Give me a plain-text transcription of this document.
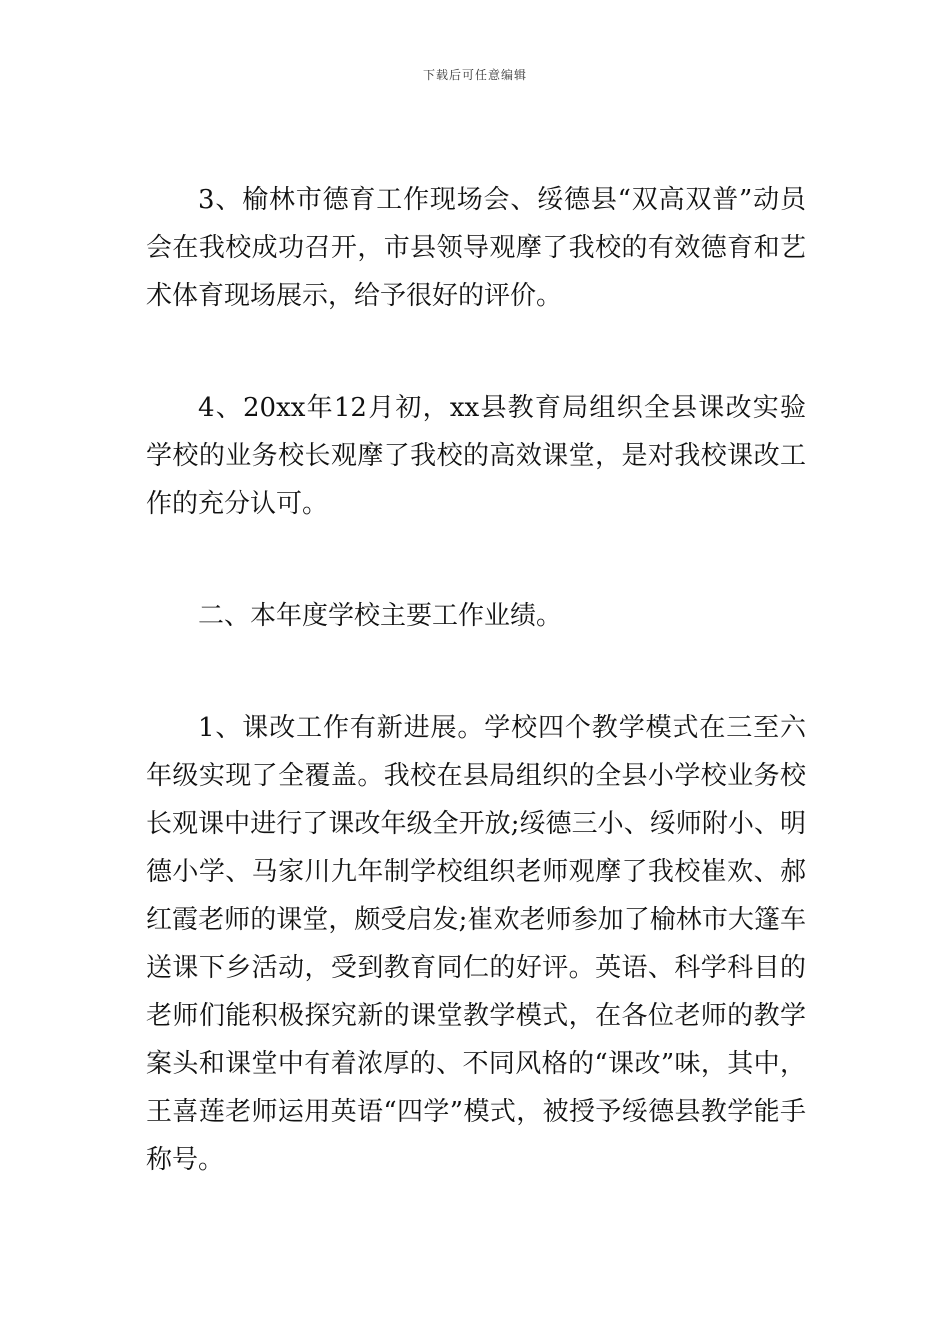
下载后可任意编辑

3、榆林市德育工作现场会、绥德县“双高双普”动员会在我校成功召开，市县领导观摩了我校的有效德育和艺术体育现场展示，给予很好的评价。

4、20xx年12月初，xx县教育局组织全县课改实验学校的业务校长观摩了我校的高效课堂，是对我校课改工作的充分认可。

二、本年度学校主要工作业绩。

1、课改工作有新进展。学校四个教学模式在三至六年级实现了全覆盖。我校在县局组织的全县小学校业务校长观课中进行了课改年级全开放;绥德三小、绥师附小、明德小学、马家川九年制学校组织老师观摩了我校崔欢、郝红霞老师的课堂，颇受启发;崔欢老师参加了榆林市大篷车送课下乡活动，受到教育同仁的好评。英语、科学科目的老师们能积极探究新的课堂教学模式，在各位老师的教学案头和课堂中有着浓厚的、不同风格的“课改”味，其中，王喜莲老师运用英语“四学”模式，被授予绥德县教学能手称号。
